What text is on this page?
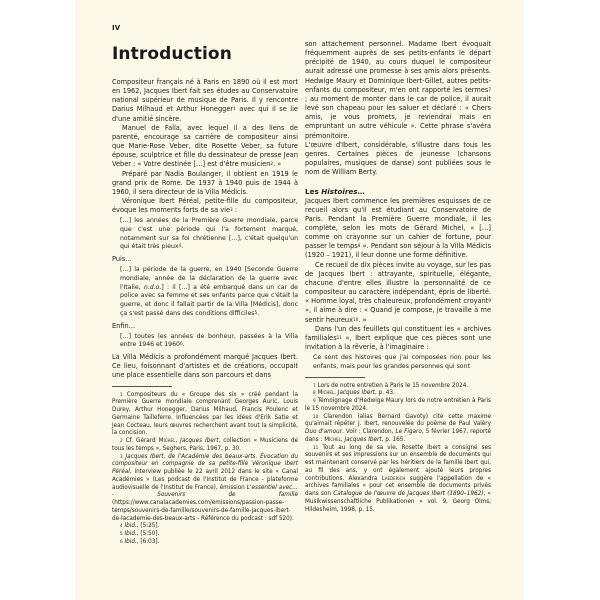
IV
Introduction

Compositeur français né à Paris en 1890 où il est mort en 1962, Jacques Ibert fait ses études au Conservatoire national supérieur de musique de Paris. Il y rencontre Darius Milhaud et Arthur Honegger$^1$ avec qui il se lie d'une amitié sincère.

Manuel de Falla, avec lequel il a des liens de parenté, encourage sa carrière de compositeur ainsi que Marie-Rose Veber, dite Rosette Veber, sa future épouse, sculptrice et fille du dessinateur de presse Jean Veber : « Votre destinée […] est d'être musicien$^2$. »

Préparé par Nadia Boulanger, il obtient en 1919 le grand prix de Rome. De 1937 à 1940 puis de 1944 à 1960, il sera directeur de la Villa Médicis.

Véronique Ibert Péréal, petite-fille du compositeur, évoque les moments forts de sa vie$^3$ :

[…] les années de la Première Guerre mondiale, parce que c'est une période qui l'a fortement marqué, notamment sur sa foi chrétienne […], c'était quelqu'un qui était très pieux$^4$.

Puis…

[…] la période de la guerre, en 1940 [Seconde Guerre mondiale, année de la déclaration de la guerre avec l'Italie, n.d.o.] : il […] a été embarqué dans un car de police avec sa femme et ses enfants parce que c'était la guerre, et donc il fallait partir de la Villa [Médicis], donc ça s'est passé dans des conditions difficiles$^5$.

Enfin…

[…] toutes les années de bonheur, passées à la Villa entre 1946 et 1960$^6$.

La Villa Médicis a profondément marqué Jacques Ibert. Ce lieu, foisonnant d'artistes et de créations, occupait une place essentielle dans son parcours et dans

$^1$ Compositeurs du « Groupe des six » créé pendant la Première Guerre mondiale comprenant Georges Auric, Louis Durey, Arthur Honegger, Darius Milhaud, Francis Poulenc et Germaine Tailleferre. Influencées par les idées d'Erik Satie et Jean Cocteau, leurs œuvres recherchent avant tout la simplicité, la concision.

$^2$ Cf. Gérard Michel, Jacques Ibert, collection « Musiciens de tous les temps », Seghers, Paris, 1967, p. 30.

$^3$ Jacques Ibert, de l'Académie des beaux-arts. Évocation du compositeur en compagnie de sa petite-fille Véronique Ibert Péréal, interview publiée le 22 avril 2012 dans le site « Canal Académies » (Les podcast de l'Institut de France - plateforme audiovisuelle de l'Institut de France), émission L'essentiel avec… - Souvenirs de famille (https://www.canalacademies.com/emissions/passion-passe-temps/souvenirs-de-famille/souvenirs-de-famille-jacques-ibert-de-lacademie-des-beaux-arts - Référence du podcast : sdf 520).

$^4$ Ibid., [5:25].

$^5$ Ibid., [5:50].

$^6$ Ibid., [6:03].

son attachement personnel. Madame Ibert évoquait fréquemment auprès de ses petits-enfants le départ précipité de 1940, au cours duquel le compositeur aurait adressé une promesse à ses amis alors présents. Hedwige Maury et Dominique Ibert-Gillet, autres petits-enfants du compositeur, m'en ont rapporté les termes$^7$ ; au moment de monter dans le car de police, il aurait levé son chapeau pour les saluer et déclaré : « Chers amis, je vous promets, je reviendrai mais en empruntant un autre véhicule ». Cette phrase s'avéra prémonitoire.

L'œuvre d'Ibert, considérable, s'illustre dans tous les genres. Certaines pièces de jeunesse (chansons populaires, musiques de danse) sont publiées sous le nom de William Berty.

Les Histoires…

Jacques Ibert commence les premières esquisses de ce recueil alors qu'il est étudiant au Conservatoire de Paris. Pendant la Première Guerre mondiale, il les complète, selon les mots de Gérard Michel, « […] comme on crayonne sur un cahier de fortune, pour passer le temps$^8$ ». Pendant son séjour à la Villa Médicis (1920 – 1921), il leur donne une forme définitive.

Ce recueil de dix pièces invite au voyage, sur les pas de Jacques Ibert : attrayante, spirituelle, élégante, chacune d'entre elles illustre la personnalité de ce compositeur au caractère indépendant, épris de liberté. « Homme loyal, très chaleureux, profondément croyant$^9$ », il aime à dire : « Quand je compose, je travaille à me sentir heureux$^{10}$. »

Dans l'un des feuillets qui constituent les « archives familiales$^{11}$ », Ibert explique que ces pièces sont une invitation à la rêverie, à l'imaginaire :

Ce sont des histoires que j'ai composées non pour les enfants, mais pour les grandes personnes qui sont

$^7$ Lors de notre entretien à Paris le 15 novembre 2024.

$^8$ Michel, Jacques Ibert, p. 43.

$^9$ Témoignage d'Hedwige Maury lors de notre entretien à Paris le 15 novembre 2024.

$^{10}$ Clarendon (alias Bernard Gavoty) cite cette maxime qu'aimait répéter J. Ibert, renouvelée du poème de Paul Valéry Duo d'amour. Voir : Clarendon, Le Figaro, 5 février 1967, reporté dans : Michel, Jacques Ibert, p. 165.

$^{11}$ Tout au long de sa vie, Rosette Ibert a consigné ses souvenirs et ses impressions sur un ensemble de documents qui est maintenant conservé par les héritiers de la famille Ibert qui, au fil des ans, y ont également ajouté leurs propres contributions. Alexandra Laederich suggère l'appellation de « archives familiales » pour cet ensemble de documents privés dans son Catalogue de l'œuvre de Jacques Ibert (1890–1962), « Musikwissenschaftliche Publikationen » vol. 9, Georg Olms, Hildesheim, 1998, p. 15.
